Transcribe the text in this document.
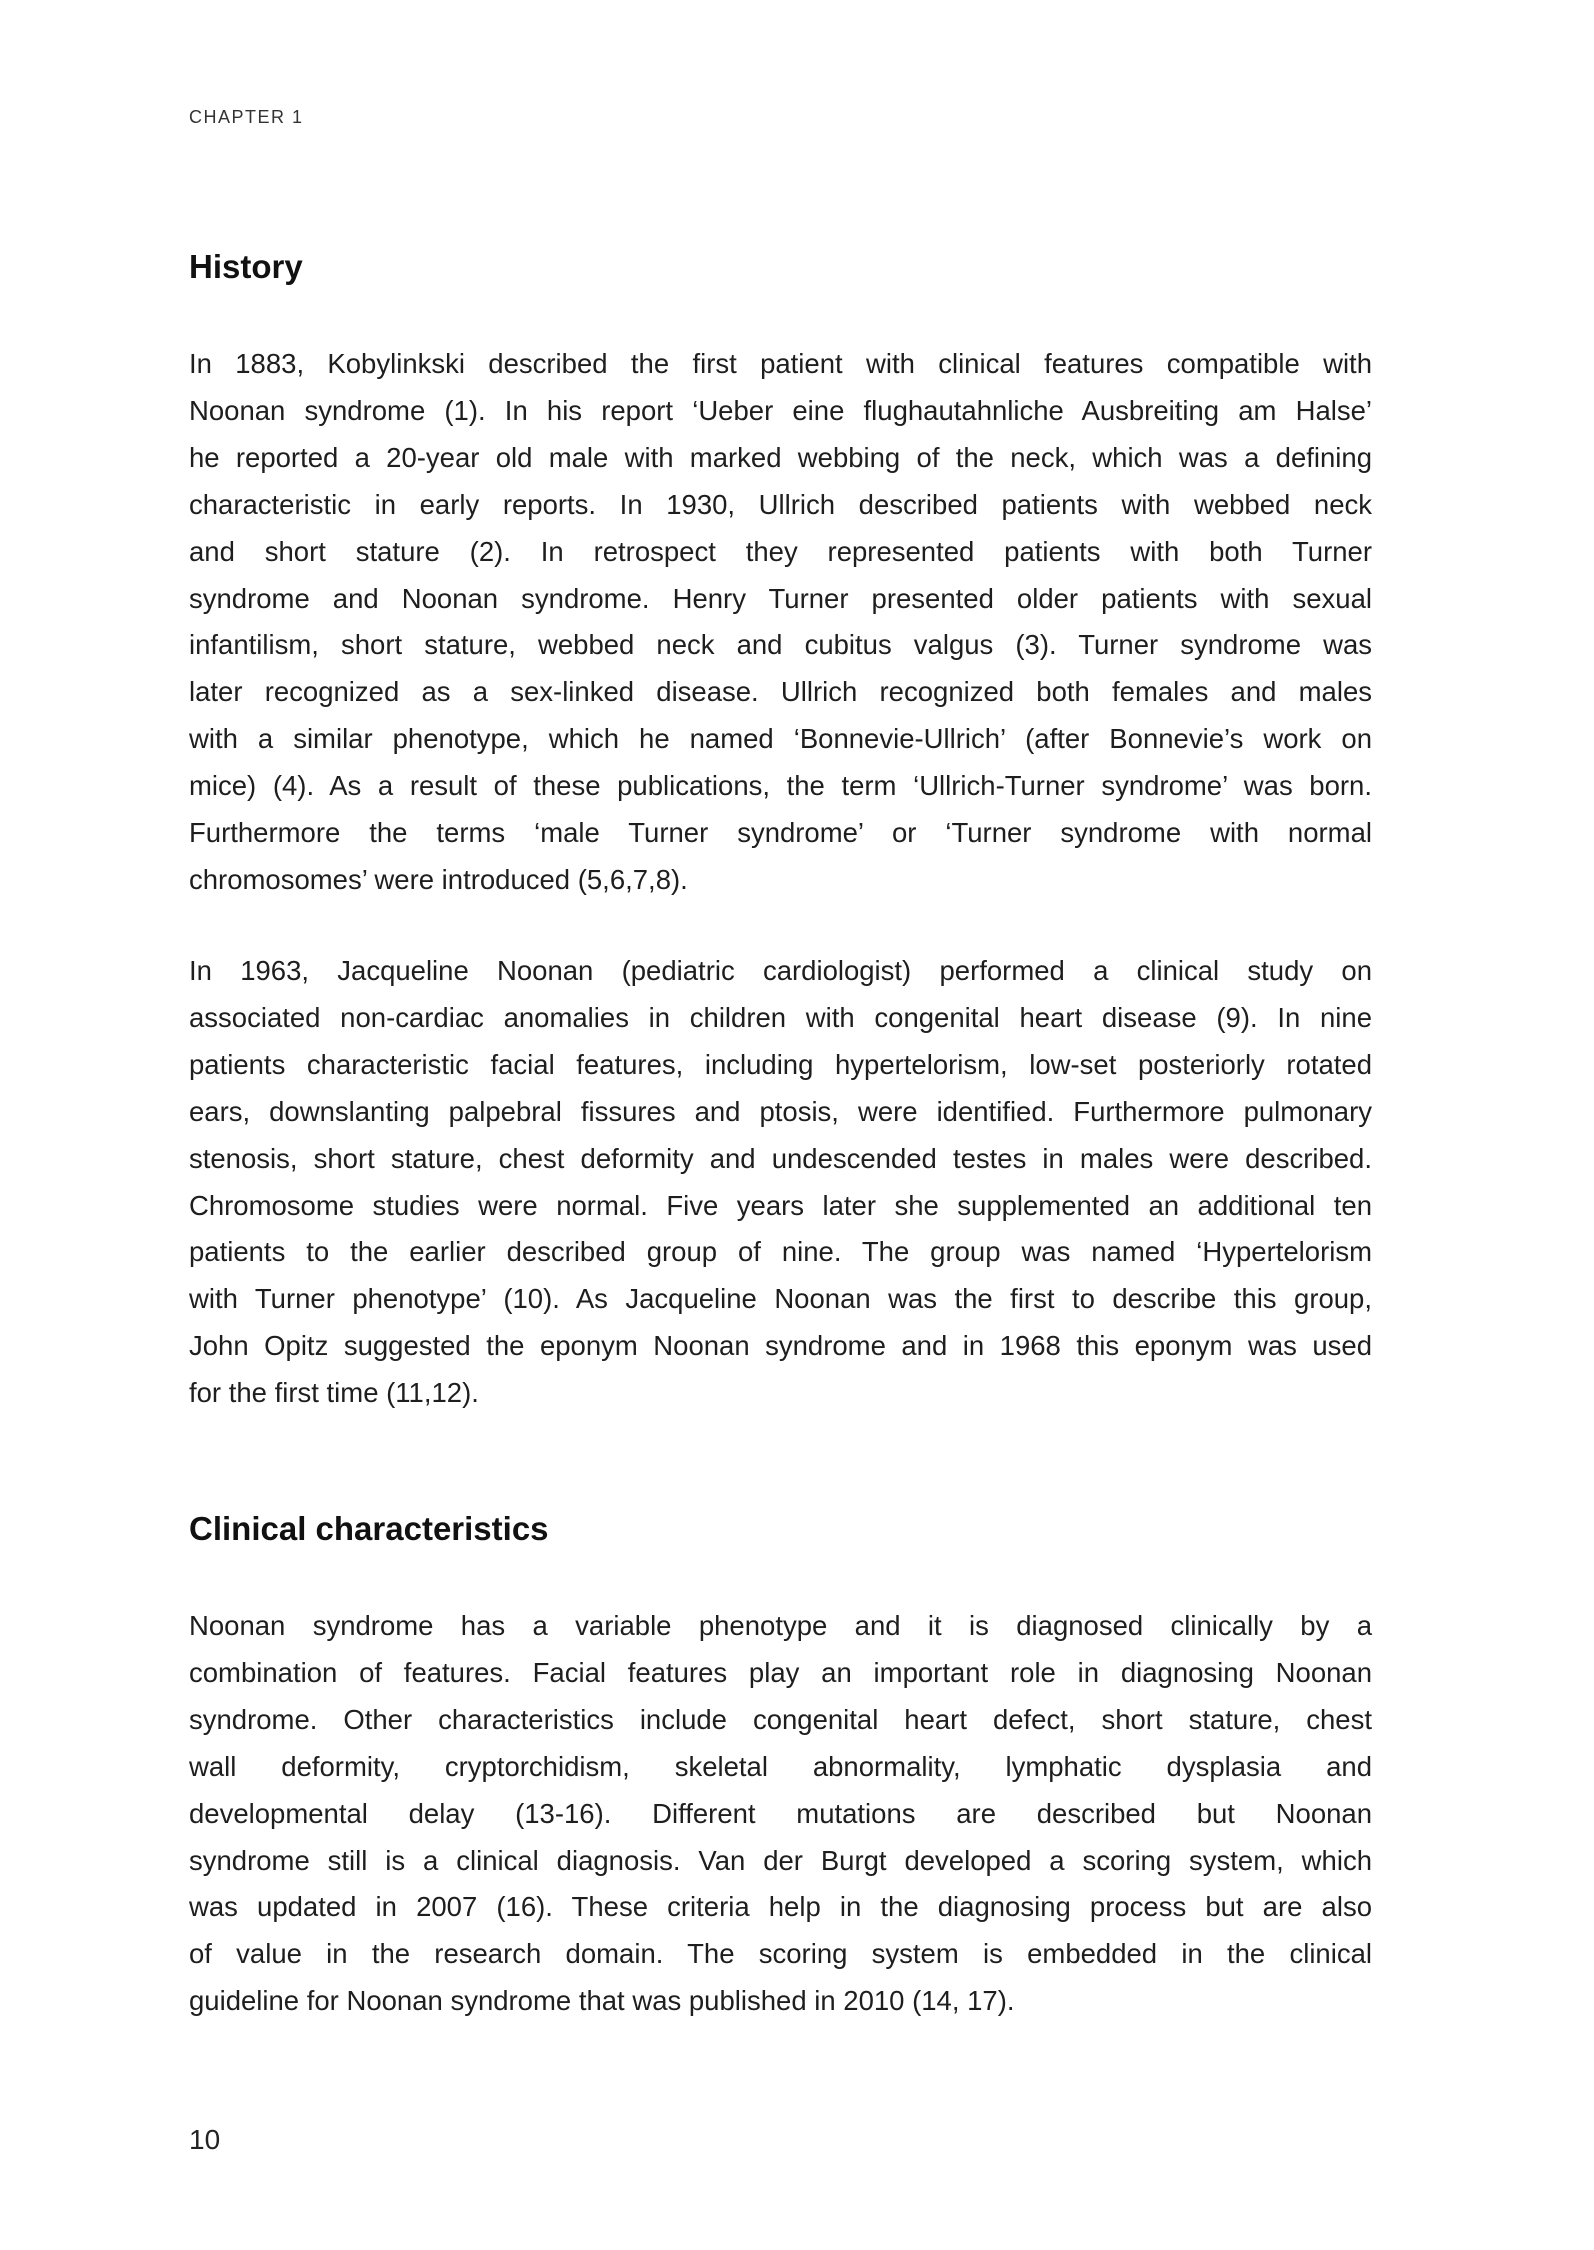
CHAPTER 1
History
In 1883, Kobylinkski described the first patient with clinical features compatible with
Noonan syndrome (1). In his report ‘Ueber eine flughautahnliche Ausbreiting am Halse’
he reported a 20-year old male with marked webbing of the neck, which was a defining
characteristic in early reports. In 1930, Ullrich described patients with webbed neck
and short stature (2). In retrospect they represented patients with both Turner
syndrome and Noonan syndrome. Henry Turner presented older patients with sexual
infantilism, short stature, webbed neck and cubitus valgus (3). Turner syndrome was
later recognized as a sex-linked disease. Ullrich recognized both females and males
with a similar phenotype, which he named ‘Bonnevie-Ullrich’ (after Bonnevie’s work on
mice) (4). As a result of these publications, the term ‘Ullrich-Turner syndrome’ was born.
Furthermore the terms ‘male Turner syndrome’ or ‘Turner syndrome with normal
chromosomes’ were introduced (5,6,7,8).
In 1963, Jacqueline Noonan (pediatric cardiologist) performed a clinical study on
associated non-cardiac anomalies in children with congenital heart disease (9). In nine
patients characteristic facial features, including hypertelorism, low-set posteriorly rotated
ears, downslanting palpebral fissures and ptosis, were identified. Furthermore pulmonary
stenosis, short stature, chest deformity and undescended testes in males were described.
Chromosome studies were normal. Five years later she supplemented an additional ten
patients to the earlier described group of nine. The group was named ‘Hypertelorism
with Turner phenotype’ (10). As Jacqueline Noonan was the first to describe this group,
John Opitz suggested the eponym Noonan syndrome and in 1968 this eponym was used
for the first time (11,12).
Clinical characteristics
Noonan syndrome has a variable phenotype and it is diagnosed clinically by a
combination of features. Facial features play an important role in diagnosing Noonan
syndrome. Other characteristics include congenital heart defect, short stature, chest
wall deformity, cryptorchidism, skeletal abnormality, lymphatic dysplasia and
developmental delay (13-16). Different mutations are described but Noonan
syndrome still is a clinical diagnosis. Van der Burgt developed a scoring system, which
was updated in 2007 (16). These criteria help in the diagnosing process but are also
of value in the research domain. The scoring system is embedded in the clinical
guideline for Noonan syndrome that was published in 2010 (14, 17).
10
